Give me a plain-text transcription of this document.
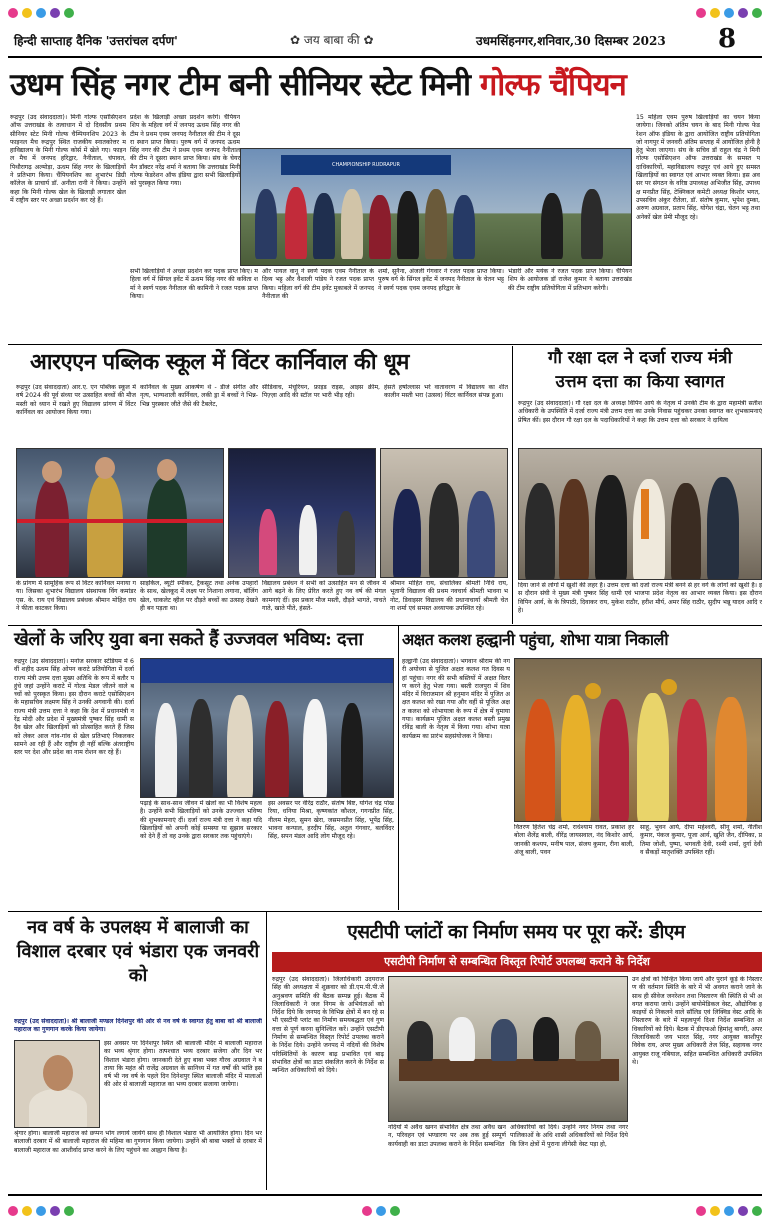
हिन्दी साप्ताह दैनिक 'उत्तरांचल दर्पण'	✿ जय बाबा की ✿	उधमसिंहनगर,शनिवार,30 दिसम्बर 2023 8
उधम सिंह नगर टीम बनी सीनियर स्टेट मिनी गोल्फ चैंपियन
रूद्रपुर (उद संवाददाता)। मिनी गोल्फ एसोसिएशन ऑफ उत्तराखंड के तत्वाधान में दो दिवसीय प्रथम सीनियर स्टेट मिनी गोल्फ चैम्पियनशिप 2023 के फाइनल मैच रूद्रपुर स्थित राजकीय स्नातकोत्तर महाविद्यालय के मिनी गोल्फ कोर्स में खेले गए। फाइनल मैच में जनपद हरिद्वार, नैनीताल, चंपावत, पिथौरागढ़ अल्मोड़ा, ऊधम सिंह नगर के खिलाड़ियों ने प्रतिभाग किया। चैंपियनशिप का शुभारंभ डिग्री कॉलेज के प्राचार्य डॉ. अनीता रानी ने किया। उन्होंने कहा कि मिनी गोल्फ खेल के खिलाड़ी लगातार खेल में राष्ट्रीय स्तर पर अच्छा प्रदर्शन कर रहे हैं।
प्रदेश के खिलाड़ी अच्छा प्रदर्शन करेंगे। चैंपियनशिप के महिला वर्ग में जनपद ऊधम सिंह नगर की टीम ने प्रथम एवम जनपद नैनीताल की टीम ने दूसरा स्थान प्राप्त किया। पुरुष वर्ग में जनपद ऊधम सिंह नगर की टीम ने प्रथम एवम जनपद नैनीताल की टीम ने दूसरा स्थान प्राप्त किया। संघ के चेयरमैन डॉक्टर नरेंद्र शर्मा ने बताया कि उत्तराखंड मिनी गोल्फ फेडरेशन ऑफ इंडिया द्वारा सभी खिलाड़ियों को पुरस्कृत किया गया।
15 महिला एवम पुरुष खिलाड़ियों का चयन किया जायेगा। जिनको अंतिम चयन के बाद मिनी गोल्फ फेडरेशन ऑफ इंडिया के द्वारा आयोजित राष्ट्रीय प्रतियोगिता जो नागपुर में जनवरी अंतिम सप्ताह में आयोजित होनी है हेतु भेजा जाएगा। संघ के सचिव डॉ राहुल चंद्र ने मिनी गोल्फ एसोसिएशन ऑफ उत्तराखंड के समस्त पदाधिकारियों, महाविद्यालय रुद्रपुर एवं आये हुए समस्त खिलाड़ियों का स्वागत एवं आभार व्यक्त किया। इस अवसर पर संगठन के वरिष्ठ उपाध्यक्ष अभिजीत सिंह, उपाध्यक्ष मनप्रीत सिंह, टेक्निकल कमेटी अध्यक्ष किशोर भगत, उपसचिव अंकुर रौतेला, डॉ. संतोष कुमार, भूपेश दुम्का, अरुण अग्रवाल, प्रताप सिंह, योगेश चंद्रा, चेतन भट्ट तथा अनेकों खेल प्रेमी मौजूद रहे।
CHAMPIONSHIP RUDRAPUR
सभी खिलाड़ियों ने अच्छा प्रदर्शन कर पदक प्राप्त किए। महिला वर्ग में सिंगल इवेंट में ऊधम सिंह नगर की कविता शर्मा ने स्वर्ण पदक नैनीताल की कामिनी ने रजत पदक प्राप्त किया।
और पायल वानू ने स्वर्ण पदक एवम नैनीताल के दिव्य भट्ट और वैशाली पांडेय ने रजत पदक प्राप्त किया। महिला वर्ग की टीम इवेंट मुकाबले में जनपद नैनीताल की
शर्मा, सुनैना, अंजली गंगवार ने रजत पदक प्राप्त किया। पुरुष वर्ग के सिंगल इवेंट में जनपद नैनीताल के चेतन भट्ट ने स्वर्ण पदक एवम जनपद हरिद्वार के
भंडारी और मयंक ने रजत पदक प्राप्त किया। चैंपियनशिप के आयोजक डॉ राजेश कुमार ने बताया उत्तराखंड की टीम राष्ट्रीय प्रतियोगिता में प्रतिभाग करेगी।
आरएएन पब्लिक स्कूल में विंटर कार्निवाल की धूम
रूद्रपुर (उद संवाददाता) आर.ए. एन पब्लिक स्कूल में वर्ष 2024 की पूर्व संध्या पर उत्साहित बच्चों की मौज मस्ती को ध्यान में रखते हुए विद्यालय प्रांगण में विंटर कार्निवल का आयोजन किया गया।
कार्निवल के मुख्य आकर्षण थे - डीजे संगीत और नृत्य, भाग्यशाली कार्निवल, लकी ड्रा में बच्चों ने भिन्न-भिन्न पुरस्कार जीते जैसे की टैबलेट,
सीडिवाच, मंचूरियन, फ्राइड राइस, आइस क्रीम, पिज़्ज़ा आदि की स्टॉल पर भारी भीड़ रही।
हंसते हर्षोल्लास भरे वातावरण में विद्यालय का शीतकालीन मस्ती भरा (उत्सव) विंटर कार्निवल संपन्न हुआ।
के प्रांगण में सामूहिक रूप से विंटर कार्निवल मनाया गया। जिसका शुभारंभ विद्यालय संस्थापक विंग कमांडर एस. के. राय एवं विद्यालय प्रबंधक श्रीमान मोहित राय ने फीता काटकर किया।
साइकिल, ब्यूटी स्पीकर, ट्रैकसूट तथा अनेक उपहारों के साथ, खेलकूद में लक्ष्य पर निशाना लगाना, बॉलिंग खेल, चाकलेट व्हील पर दौड़ते बच्चों का उत्साह देखते ही बन पड़ता था।
विद्यालय प्रबंधन ने सभी को उत्साहित मन से जीवन में आगे बढ़ने के लिए प्रेरित करते हुए नव वर्ष की मंगल कामनाएं दीं। इस प्रकार मौज मस्ती, दौड़ते भागते, नाचते गाते, खाते पीते, हंसते-
श्रीमान मोहित राय, संचालिका श्रीमती निधि राय, भूतानी विद्यालय की प्रथम नवचार्य श्रीमती भावना भनोट, डिवाइसर विद्यालय की प्रधानाचार्या श्रीमती चेतना शर्मा एवं समस्त अध्यापक उपस्थित रहे।
गौ रक्षा दल ने दर्जा राज्य मंत्री
उत्तम दत्ता का किया स्वागत
रूद्रपुर (उद संवाददाता)। गौ रक्षा दल के अध्यक्ष विपिन आर्य के नेतृत्व में उनकी टीम के द्वारा महामंत्री सतीश अधिकारी के उपस्थिति में दर्जा राज्य मंत्री उत्तम दत्ता का उनके निवास पहुंचकर उनका स्वागत कर शुभकामनाएं प्रेषित कीं। इस दौरान गौ रक्षा दल के पदाधिकारियों ने कहा कि उत्तम दत्ता को सरकार ने दायित्व
दिया जाने से लोगों में खुशी की लहर है। उत्तम दत्ता को दर्जा राज्य मंत्री बनने से हर वर्ग के लोगों को खुशी है। इस दौरान संघी ने मुख्य मंत्री पुष्कर सिंह धामी एवं भाजपा प्रदेश नेतृत्व का आभार व्यक्त किया। इस दौरान विपिन आर्य, के के त्रिपाठी, दिवाकर राय, मुकेश राठौर, हरीश मौर्य, अमर सिंह राठौर, सुदीप भन्नू यादव आदि रहे।
खेलों के जरिए युवा बना सकते हैं उज्जवल भविष्य: दत्ता
रुद्रपुर (उद संवाददाता)। मनोज सरकार स्टेडियम में 6 वीं शहीद ऊधम सिंह ओपन कराटे प्रतियोगिता में दर्जा राज्य मंत्री उत्तम दत्ता मुख्य अतिथि के रूप में बतौर पहुंचे जहां उन्होंने कराटे में गोल्ड मेडल जीतने वाले बच्चों को पुरस्कृत किया। इस दौरान कराटे एसोसिएशन के महासचिव लक्ष्मण सिंह ने उनकी अगवानी की। दर्जा राज्य मंत्री उत्तम दत्ता ने कहा कि देश में प्रधानमंत्री नरेंद्र मोदी और प्रदेश में मुख्यमंत्री पुष्कर सिंह धामी सदैव खेल और खिलाड़ियों को प्रोत्साहित करते हैं जिसको लेकर आज गांव-गांव से खेल प्रतिभाएं निकलकर सामने आ रही हैं और राष्ट्रीय ही नहीं बल्कि अंतराष्ट्रीय स्तर पर देश और प्रदेश का नाम रोशन कर रहे हैं।
पढ़ाई के साथ-साथ जीवन में खेलों का भी विशेष महत्व है। उन्होंने सभी खिलाड़ियों को उनके उज्ज्वल भविष्य की शुभकामनाएं दीं। दर्जा राज्य मंत्री दत्ता ने कहा यदि खिलाड़ियों को अपनी कोई समस्या या सुझाव सरकार को देने हैं तो वह उनके द्वारा सरकार तक पहुंचाएंगे।
इस अवसर पर वीरेंद्र राठौर, संतोष बिष्ट, योगेश चंद्र पोखरिया, धनिया मिश्रा, कृष्णकांत कौशल, गगनप्रीत सिंह, नीलम मेहरा, सुमन खेरा, जसमनप्रीत सिंह, भूपेंद्र सिंह, भावना कन्याल, हरदीप सिंह, अतुल गंगवार, बलविंदर सिंह, सपन मंडल आदि लोग मौजूद रहे।
अक्षत कलश हल्द्वानी पहुंचा, शोभा यात्रा निकाली
हल्द्वानी (उद संवाददाता)। भगवान श्रीराम की नगरी अयोध्या से पूजित अक्षत कलश गत दिवस यहां पहुंचा। नगर की सभी बस्तियों में अक्षत वितरण करने हेतु भेजा गया। बस्ती राजपुरा में शिव मंदिर में विराजमान श्री हनुमान मंदिर में पूजित अक्षत कलश को रखा गया और वहीं से पूजित अक्षत कलश को शोभायात्रा के रूप में क्षेत्र में घुमाया गया। कार्यक्रम पूजित अक्षत कलश बस्ती प्रमुख रविंद्र बाली के नेतृत्व में किया गया। शोभा यात्रा कार्यक्रम का प्रारंभ सहसंयोजक ने किया।
वितरण हितेश चंद्र शर्मा, राधेश्याम रावत, प्रकाश हरबोला शैलेंद्र बाली, वीरेंद्र जायसवाल, नंद किशोर आर्य, जानकी कश्यप, मनीष पाल, संजय कुमार, रीना बाली, अंजू बाली, पवन
साहू, भुवन आर्य, दीपा महेश्वरी, सीनू शर्मा, नीतीश कुमार, पंकज कुमार, पूजा आर्य, खुशि जैन, दीपिका, प्रतिमा जोशी, पुष्पा, भगवती देवी, रश्मी शर्मा, दुर्गा देवी व सैकड़ों मातृशक्ति उपस्थित रहीं।
नव वर्ष के उपलक्ष्य में बालाजी का विशाल दरबार एवं भंडारा एक जनवरी को
रुद्रपुर (उद संवाददाता)। श्री बालाजी मण्डल दिनेशपुर की ओर से नव वर्ष के स्वागत हेतु बाबा को श्री बालाजी महाराज का गुणगान करके किया जायेगा।
इस अवसर पर दिनेशपुर स्थित श्री बालाजी मंदिर में बालाजी महाराज का भव्य श्रृंगार होगा। तत्पश्चात भव्य दरबार सजेगा और दिन भर विशाल भंडारा होगा। जानकारी देते हुए बाबा भक्त गौरव अग्रवाल ने बताया कि महंत श्री राजेंद्र अग्रवाल के सानिध्य में गत वर्षों की भांति इस वर्ष भी नव वर्ष के पहले दिन दिनेशपुर स्थित बालाजी मंदिर में मालाओं की ओर से बालाजी महाराज का भव्य दरबार सजाया जायेगा।
श्रृंगार होगा। बालाजी महाराज को छप्पन भोग लगाये जायेंगे साथ ही विशाल भंडारा भी आयोजित होगा। दिन भर बालाजी दरबार में श्री बालाजी महाराज की महिमा का गुणगान किया जायेगा। उन्होंने श्री बाबा भक्तों से दरबार में बालाजी महाराज का आशीर्वाद प्राप्त करने के लिए पहुंचने का आह्वान किया है।
एसटीपी प्लांटों का निर्माण समय पर पूरा करें: डीएम
एसटीपी निर्माण से सम्बन्धित विस्तृत रिपोर्ट उपलब्ध कराने के निर्देश
रुद्रपुर (उद संवाददाता)। जिलाधिकारी उदयराज सिंह की अध्यक्षता में शुक्रवार को डी.एम.पी.पी.जे अनुश्रवण समिति की बैठक सम्पन्न हुई। बैठक में जिलाधिकारी ने जल निगम के अभियंताओं को निर्देश दिये कि जनपद के विभिन्न क्षेत्रों में बन रहे सभी एसटीपी प्लांट का निर्माण समयबद्धता एवं गुणवत्ता से पूर्ण करना सुनिश्चित करें। उन्होंने एसटीपी निर्माण से सम्बन्धित विस्तृत रिपोर्ट उपलब्ध कराने के निर्देश दिये। उन्होंने जनपद में नदियों की विशेष परिस्थितियों के कारण बाढ़ प्रभावित एवं बाढ़ संभावित क्षेत्रों का डाटा संकलित करने के निर्देश सम्बन्धित अधिकारियों को दिये।
उन क्षेत्रों को चिन्हित किया जाये और पुराने कूड़े के निस्तारण की वर्तमान स्थिति के बारे में भी अवगत कराने जाने के साथ ही सीवेज जनरेशन तथा निस्तारण की स्थिति से भी अवगत कराया जाये। उन्होंने बायोमेडिकल वेस्ट, औद्योगिक इकाइयों से निकलने वाले सॉलिड एवं लिक्विड वेस्ट आदि के निस्तारण के बारे में महत्वपूर्ण दिशा निर्देश सम्बन्धित अधिकारियों को दिये। बैठक में डीएफओ हिमांशु बागरी, अपर जिलाधिकारी जय भारत सिंह, नगर आयुक्त काशीपुर विवेक राय, अपर मुख्य अधिकारी तेज सिंह, सहायक नगर आयुक्त राजू नबियाल, सहित सम्बन्धित अधिकारी उपस्थित थे।
नदियों में अवैध खनन संभावित क्षेत्र तथा अवैध खनन, परिवहन एवं भण्डारण पर अब तक हुई सम्पूर्ण कार्यवाही का डाटा उपलब्ध कराने के निर्देश सम्बन्धित
अधिकारियों को दिये। उन्होंने नगर निगम तथा नगर पालिकाओं के अधि शासी अधिकारियों को निर्देश दिये कि जिन क्षेत्रों में पुराना लीगेसी वेस्ट पड़ा हो,
